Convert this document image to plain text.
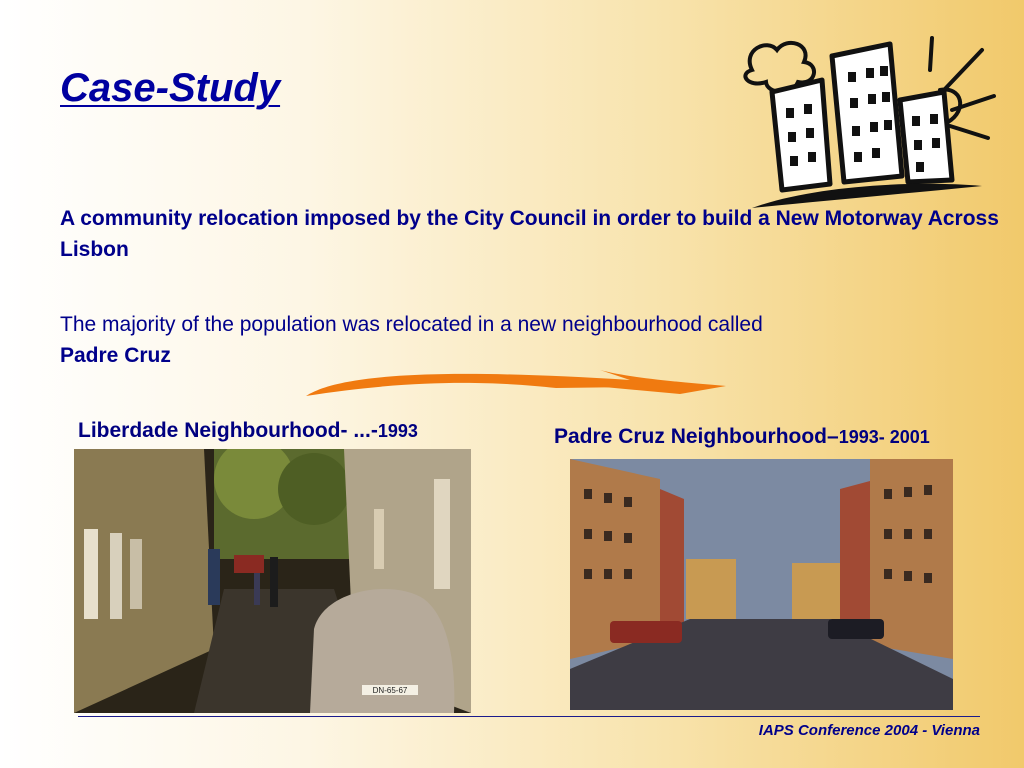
Case-Study
A community relocation imposed by the City Council in order to build a New Motorway Across Lisbon
The majority of the population was relocated in a new neighbourhood called
Padre Cruz
Liberdade Neighbourhood- ...-1993	Padre Cruz Neighbourhood–1993- 2001
DN-65-67
IAPS Conference 2004 - Vienna
